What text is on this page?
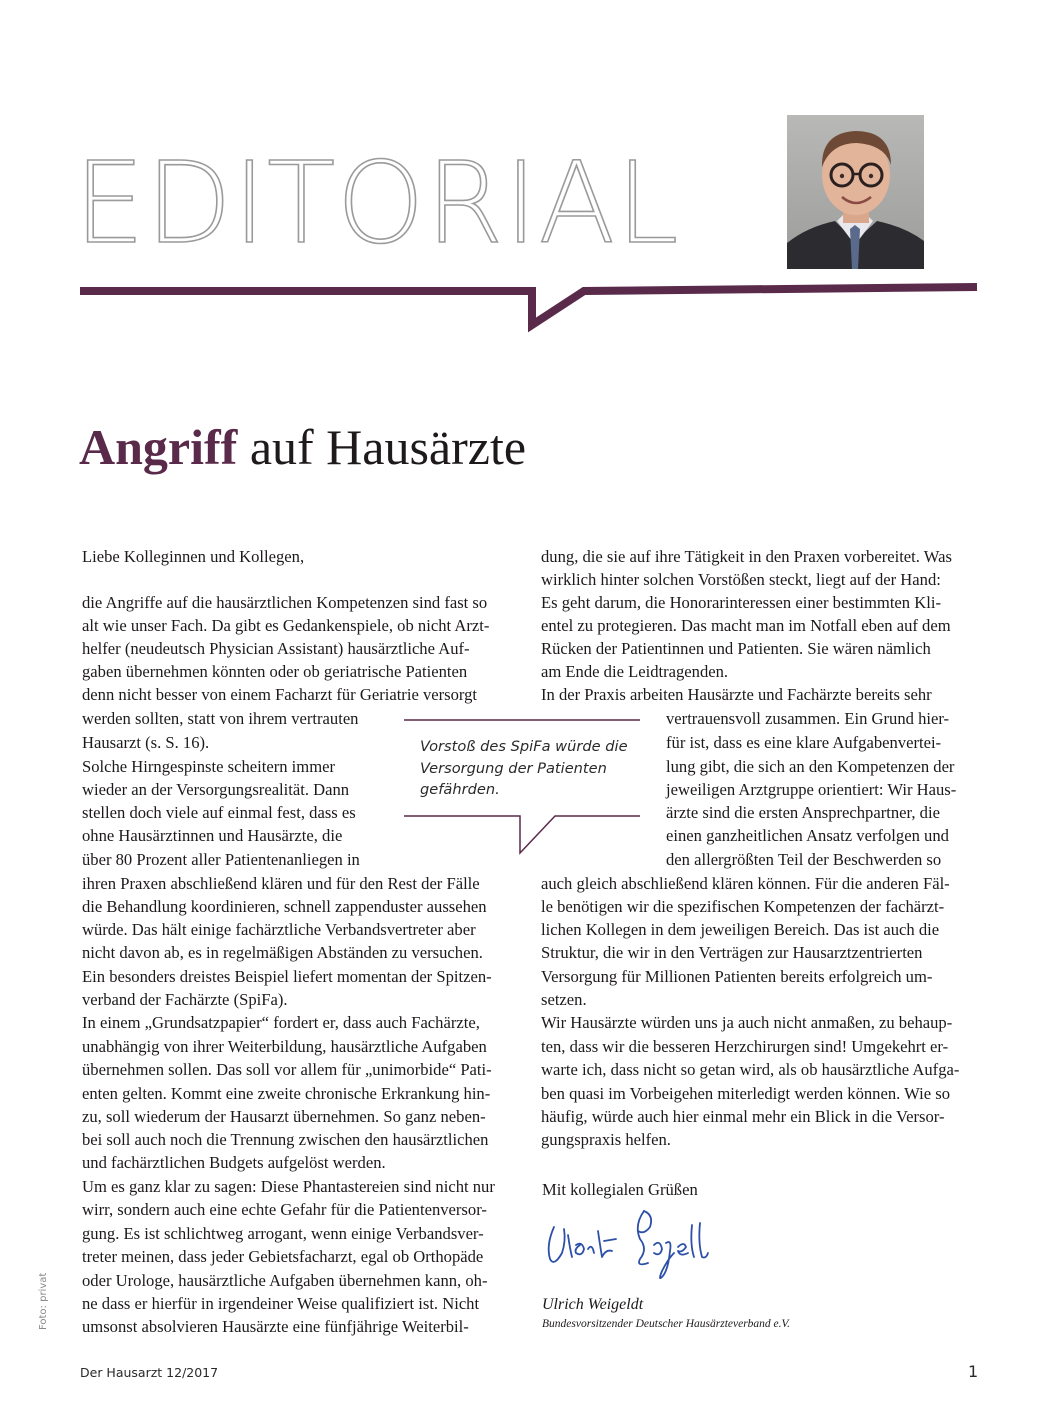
EDITORIAL
Angriff auf Hausärzte
Liebe Kolleginnen und Kollegen,
die Angriffe auf die hausärztlichen Kompetenzen sind fast so
alt wie unser Fach. Da gibt es Gedankenspiele, ob nicht Arzt-
helfer (neudeutsch Physician Assistant) hausärztliche Auf-
gaben übernehmen könnten oder ob geriatrische Patienten
denn nicht besser von einem Facharzt für Geriatrie versorgt
werden sollten, statt von ihrem vertrauten
Hausarzt (s. S. 16).
Solche Hirngespinste scheitern immer
wieder an der Versorgungsrealität. Dann
stellen doch viele auf einmal fest, dass es
ohne Hausärztinnen und Hausärzte, die
über 80 Prozent aller Patientenanliegen in
ihren Praxen abschließend klären und für den Rest der Fälle
die Behandlung koordinieren, schnell zappenduster aussehen
würde. Das hält einige fachärztliche Verbandsvertreter aber
nicht davon ab, es in regelmäßigen Abständen zu versuchen.
Ein besonders dreistes Beispiel liefert momentan der Spitzen-
verband der Fachärzte (SpiFa).
In einem „Grundsatzpapier“ fordert er, dass auch Fachärzte,
unabhängig von ihrer Weiterbildung, hausärztliche Aufgaben
übernehmen sollen. Das soll vor allem für „unimorbide“ Pati-
enten gelten. Kommt eine zweite chronische Erkrankung hin-
zu, soll wiederum der Hausarzt übernehmen. So ganz neben-
bei soll auch noch die Trennung zwischen den hausärztlichen
und fachärztlichen Budgets aufgelöst werden.
Um es ganz klar zu sagen: Diese Phantastereien sind nicht nur
wirr, sondern auch eine echte Gefahr für die Patientenversor-
gung. Es ist schlichtweg arrogant, wenn einige Verbandsver-
treter meinen, dass jeder Gebietsfacharzt, egal ob Orthopäde
oder Urologe, hausärztliche Aufgaben übernehmen kann, oh-
ne dass er hierfür in irgendeiner Weise qualifiziert ist. Nicht
umsonst absolvieren Hausärzte eine fünfjährige Weiterbil-
dung, die sie auf ihre Tätigkeit in den Praxen vorbereitet. Was
wirklich hinter solchen Vorstößen steckt, liegt auf der Hand:
Es geht darum, die Honorarinteressen einer bestimmten Kli-
entel zu protegieren. Das macht man im Notfall eben auf dem
Rücken der Patientinnen und Patienten. Sie wären nämlich
am Ende die Leidtragenden.
In der Praxis arbeiten Hausärzte und Fachärzte bereits sehr
vertrauensvoll zusammen. Ein Grund hier-
für ist, dass es eine klare Aufgabenvertei-
lung gibt, die sich an den Kompetenzen der
jeweiligen Arztgruppe orientiert: Wir Haus-
ärzte sind die ersten Ansprechpartner, die
einen ganzheitlichen Ansatz verfolgen und
den allergrößten Teil der Beschwerden so
auch gleich abschließend klären können. Für die anderen Fäl-
le benötigen wir die spezifischen Kompetenzen der fachärzt-
lichen Kollegen in dem jeweiligen Bereich. Das ist auch die
Struktur, die wir in den Verträgen zur Hausarztzentrierten
Versorgung für Millionen Patienten bereits erfolgreich um-
setzen.
Wir Hausärzte würden uns ja auch nicht anmaßen, zu behaup-
ten, dass wir die besseren Herzchirurgen sind! Umgekehrt er-
warte ich, dass nicht so getan wird, als ob hausärztliche Aufga-
ben quasi im Vorbeigehen miterledigt werden können. Wie so
häufig, würde auch hier einmal mehr ein Blick in die Versor-
gungspraxis helfen.
Vorstoß des SpiFa würde die Versorgung der Patienten gefährden.
Mit kollegialen Grüßen
Ulrich Weigeldt
Bundesvorsitzender Deutscher Hausärzteverband e.V.
Foto: privat
Der Hausarzt 12/2017	1
